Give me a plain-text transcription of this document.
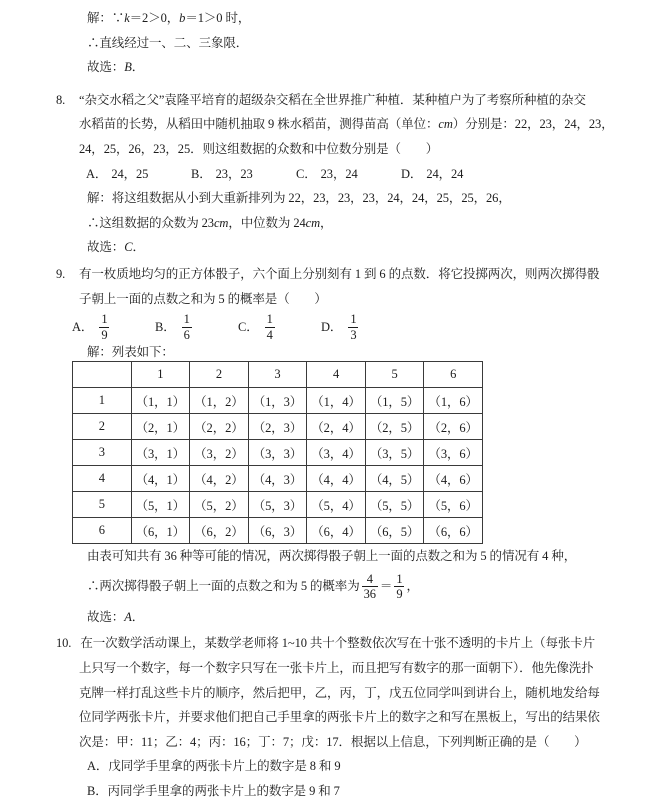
解：∵k＝2＞0，b＝1＞0 时，
∴直线经过一、二、三象限．
故选：B．
8. “杂交水稻之父”袁隆平培育的超级杂交稻在全世界推广种植．某种植户为了考察所种植的杂交
水稻苗的长势，从稻田中随机抽取 9 株水稻苗，测得苗高（单位：cm）分别是：22，23，24，23，
24，25，26，23，25．则这组数据的众数和中位数分别是（　　）
A． 24，25	B． 23，23	C． 23，24	D． 24，24
解：将这组数据从小到大重新排列为 22，23，23，23，24，24，25，25，26，
∴这组数据的众数为 23cm，中位数为 24cm，
故选：C．
9. 有一枚质地均匀的正方体骰子，六个面上分别刻有 1 到 6 的点数．将它投掷两次，则两次掷得骰
子朝上一面的点数之和为 5 的概率是（　　）
A． $\frac{1}{9}$	B． $\frac{1}{6}$	C． $\frac{1}{4}$	D． $\frac{1}{3}$
解：列表如下：
	1	2	3	4	5	6
1	（1，1）	（1，2）	（1，3）	（1，4）	（1，5）	（1，6）
2	（2，1）	（2，2）	（2，3）	（2，4）	（2，5）	（2，6）
3	（3，1）	（3，2）	（3，3）	（3，4）	（3，5）	（3，6）
4	（4，1）	（4，2）	（4，3）	（4，4）	（4，5）	（4，6）
5	（5，1）	（5，2）	（5，3）	（5，4）	（5，5）	（5，6）
6	（6，1）	（6，2）	（6，3）	（6，4）	（6，5）	（6，6）
由表可知共有 36 种等可能的情况，两次掷得骰子朝上一面的点数之和为 5 的情况有 4 种，
∴两次掷得骰子朝上一面的点数之和为 5 的概率为 $\frac{4}{36} = \frac{1}{9}$ ，
故选：A．
10. 在一次数学活动课上，某数学老师将 1~10 共十个整数依次写在十张不透明的卡片上（每张卡片
上只写一个数字，每一个数字只写在一张卡片上，而且把写有数字的那一面朝下）．他先像洗扑
克牌一样打乱这些卡片的顺序，然后把甲，乙，丙，丁，戊五位同学叫到讲台上，随机地发给每
位同学两张卡片，并要求他们把自己手里拿的两张卡片上的数字之和写在黑板上，写出的结果依
次是：甲：11；乙：4；丙：16；丁：7；戊：17．根据以上信息，下列判断正确的是（　　）
A．戊同学手里拿的两张卡片上的数字是 8 和 9
B．丙同学手里拿的两张卡片上的数字是 9 和 7
